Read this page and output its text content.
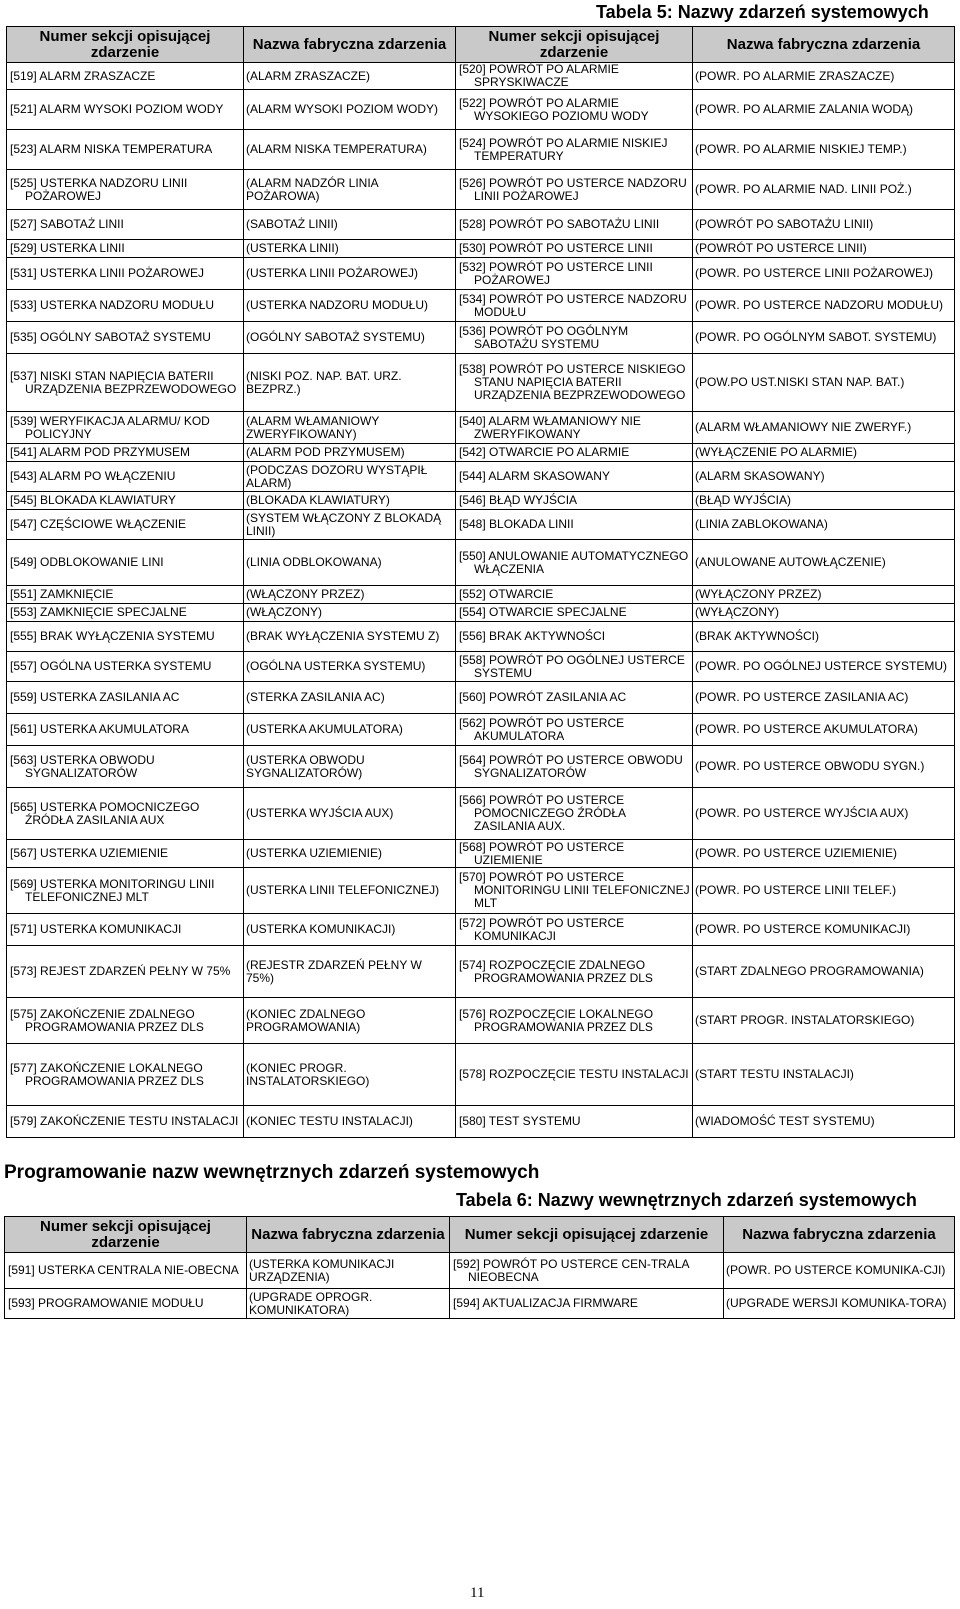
Tabela 5: Nazwy zdarzeń systemowych
Numer sekcji opisującej zdarzenie	Nazwa fabryczna zdarzenia	Numer sekcji opisującej zdarzenie	Nazwa fabryczna zdarzenia
[519] ALARM ZRASZACZE	(ALARM ZRASZACZE)	[520] POWRÓT PO ALARMIE SPRYSKIWACZE	(POWR. PO ALARMIE ZRASZACZE)
[521] ALARM WYSOKI POZIOM WODY	(ALARM WYSOKI POZIOM WODY)	[522] POWRÓT PO ALARMIE WYSOKIEGO POZIOMU WODY	(POWR. PO ALARMIE ZALANIA WODĄ)
[523] ALARM NISKA TEMPERATURA	(ALARM NISKA TEMPERATURA)	[524] POWRÓT PO ALARMIE NISKIEJ TEMPERATURY	(POWR. PO ALARMIE NISKIEJ TEMP.)
[525] USTERKA NADZORU LINII POŻAROWEJ	(ALARM NADZÓR LINIA POŻAROWA)	[526] POWRÓT PO USTERCE NADZORU LINII POŻAROWEJ	(POWR. PO ALARMIE NAD. LINII POŻ.)
[527] SABOTAŻ LINII	(SABOTAŻ LINII)	[528] POWRÓT PO SABOTAŻU LINII	(POWRÓT PO SABOTAŻU LINII)
[529] USTERKA LINII	(USTERKA LINII)	[530] POWRÓT PO USTERCE LINII	(POWRÓT PO USTERCE LINII)
[531] USTERKA LINII POŻAROWEJ	(USTERKA LINII POŻAROWEJ)	[532] POWRÓT PO USTERCE LINII POŻAROWEJ	(POWR. PO USTERCE LINII POŻAROWEJ)
[533] USTERKA NADZORU MODUŁU	(USTERKA NADZORU MODUŁU)	[534] POWRÓT PO USTERCE NADZORU MODUŁU	(POWR. PO USTERCE NADZORU MODUŁU)
[535] OGÓLNY SABOTAŻ SYSTEMU	(OGÓLNY SABOTAŻ SYSTEMU)	[536] POWRÓT PO OGÓLNYM SABOTAŻU SYSTEMU	(POWR. PO OGÓLNYM SABOT. SYSTEMU)
[537] NISKI STAN NAPIĘCIA BATERII URZĄDZENIA BEZPRZEWODOWEGO	(NISKI POZ. NAP. BAT. URZ. BEZPRZ.)	[538] POWRÓT PO USTERCE NISKIEGO STANU NAPIĘCIA BATERII URZĄDZENIA BEZPRZEWODOWEGO	(POW.PO UST.NISKI STAN NAP. BAT.)
[539] WERYFIKACJA ALARMU/ KOD POLICYJNY	(ALARM WŁAMANIOWY ZWERYFIKOWANY)	[540] ALARM WŁAMANIOWY NIE ZWERYFIKOWANY	(ALARM WŁAMANIOWY NIE ZWERYF.)
[541] ALARM POD PRZYMUSEM	(ALARM POD PRZYMUSEM)	[542] OTWARCIE PO ALARMIE	(WYŁĄCZENIE PO ALARMIE)
[543] ALARM PO WŁĄCZENIU	(PODCZAS DOZORU WYSTĄPIŁ ALARM)	[544] ALARM SKASOWANY	(ALARM SKASOWANY)
[545] BLOKADA KLAWIATURY	(BLOKADA KLAWIATURY)	[546] BŁĄD WYJŚCIA	(BŁĄD WYJŚCIA)
[547] CZĘŚCIOWE WŁĄCZENIE	(SYSTEM WŁĄCZONY Z BLOKADĄ LINII)	[548] BLOKADA LINII	(LINIA ZABLOKOWANA)
[549] ODBLOKOWANIE LINI	(LINIA ODBLOKOWANA)	[550] ANULOWANIE AUTOMATYCZNEGO WŁĄCZENIA	(ANULOWANE AUTOWŁĄCZENIE)
[551] ZAMKNIĘCIE	(WŁĄCZONY PRZEZ)	[552] OTWARCIE	(WYŁĄCZONY PRZEZ)
[553] ZAMKNIĘCIE SPECJALNE	(WŁĄCZONY)	[554] OTWARCIE SPECJALNE	(WYŁĄCZONY)
[555] BRAK WYŁĄCZENIA SYSTEMU	(BRAK WYŁĄCZENIA SYSTEMU Z)	[556] BRAK AKTYWNOŚCI	(BRAK AKTYWNOŚCI)
[557] OGÓLNA USTERKA SYSTEMU	(OGÓLNA USTERKA SYSTEMU)	[558] POWRÓT PO OGÓLNEJ USTERCE SYSTEMU	(POWR. PO OGÓLNEJ USTERCE SYSTEMU)
[559] USTERKA ZASILANIA AC	(STERKA ZASILANIA AC)	[560] POWRÓT ZASILANIA AC	(POWR. PO USTERCE ZASILANIA AC)
[561] USTERKA AKUMULATORA	(USTERKA AKUMULATORA)	[562] POWRÓT PO USTERCE AKUMULATORA	(POWR. PO USTERCE AKUMULATORA)
[563] USTERKA OBWODU SYGNALIZATORÓW	(USTERKA OBWODU SYGNALIZATORÓW)	[564] POWRÓT PO USTERCE OBWODU SYGNALIZATORÓW	(POWR. PO USTERCE OBWODU SYGN.)
[565] USTERKA POMOCNICZEGO ŹRÓDŁA ZASILANIA AUX	(USTERKA WYJŚCIA AUX)	[566] POWRÓT PO USTERCE POMOCNICZEGO ŹRÓDŁA ZASILANIA AUX.	(POWR. PO USTERCE WYJŚCIA AUX)
[567] USTERKA UZIEMIENIE	(USTERKA UZIEMIENIE)	[568] POWRÓT PO USTERCE UZIEMIENIE	(POWR. PO USTERCE UZIEMIENIE)
[569] USTERKA MONITORINGU LINII TELEFONICZNEJ MLT	(USTERKA LINII TELEFONICZNEJ)	[570] POWRÓT PO USTERCE MONITORINGU LINII TELEFONICZNEJ MLT	(POWR. PO USTERCE LINII TELEF.)
[571] USTERKA KOMUNIKACJI	(USTERKA KOMUNIKACJI)	[572] POWRÓT PO USTERCE KOMUNIKACJI	(POWR. PO USTERCE KOMUNIKACJI)
[573] REJEST ZDARZEŃ PEŁNY W 75%	(REJESTR ZDARZEŃ PEŁNY W 75%)	[574] ROZPOCZĘCIE ZDALNEGO PROGRAMOWANIA PRZEZ DLS	(START ZDALNEGO PROGRAMOWANIA)
[575] ZAKOŃCZENIE ZDALNEGO PROGRAMOWANIA PRZEZ DLS	(KONIEC ZDALNEGO PROGRAMOWANIA)	[576] ROZPOCZĘCIE LOKALNEGO PROGRAMOWANIA PRZEZ DLS	(START PROGR. INSTALATORSKIEGO)
[577] ZAKOŃCZENIE LOKALNEGO PROGRAMOWANIA PRZEZ DLS	(KONIEC PROGR. INSTALATORSKIEGO)	[578] ROZPOCZĘCIE TESTU INSTALACJI	(START TESTU INSTALACJI)
[579] ZAKOŃCZENIE TESTU INSTALACJI	(KONIEC TESTU INSTALACJI)	[580] TEST SYSTEMU	(WIADOMOŚĆ TEST SYSTEMU)
Programowanie nazw wewnętrznych zdarzeń systemowych
Tabela 6: Nazwy wewnętrznych zdarzeń systemowych
Numer sekcji opisującej zdarzenie	Nazwa fabryczna zdarzenia	Numer sekcji opisującej zdarzenie	Nazwa fabryczna zdarzenia
[591] USTERKA CENTRALA NIE-OBECNA	(USTERKA KOMUNIKACJI URZĄDZENIA)	[592] POWRÓT PO USTERCE CEN-TRALA NIEOBECNA	(POWR. PO USTERCE KOMUNIKA-CJI)
[593] PROGRAMOWANIE MODUŁU	(UPGRADE OPROGR. KOMUNIKATORA)	[594] AKTUALIZACJA FIRMWARE	(UPGRADE WERSJI KOMUNIKA-TORA)
11
